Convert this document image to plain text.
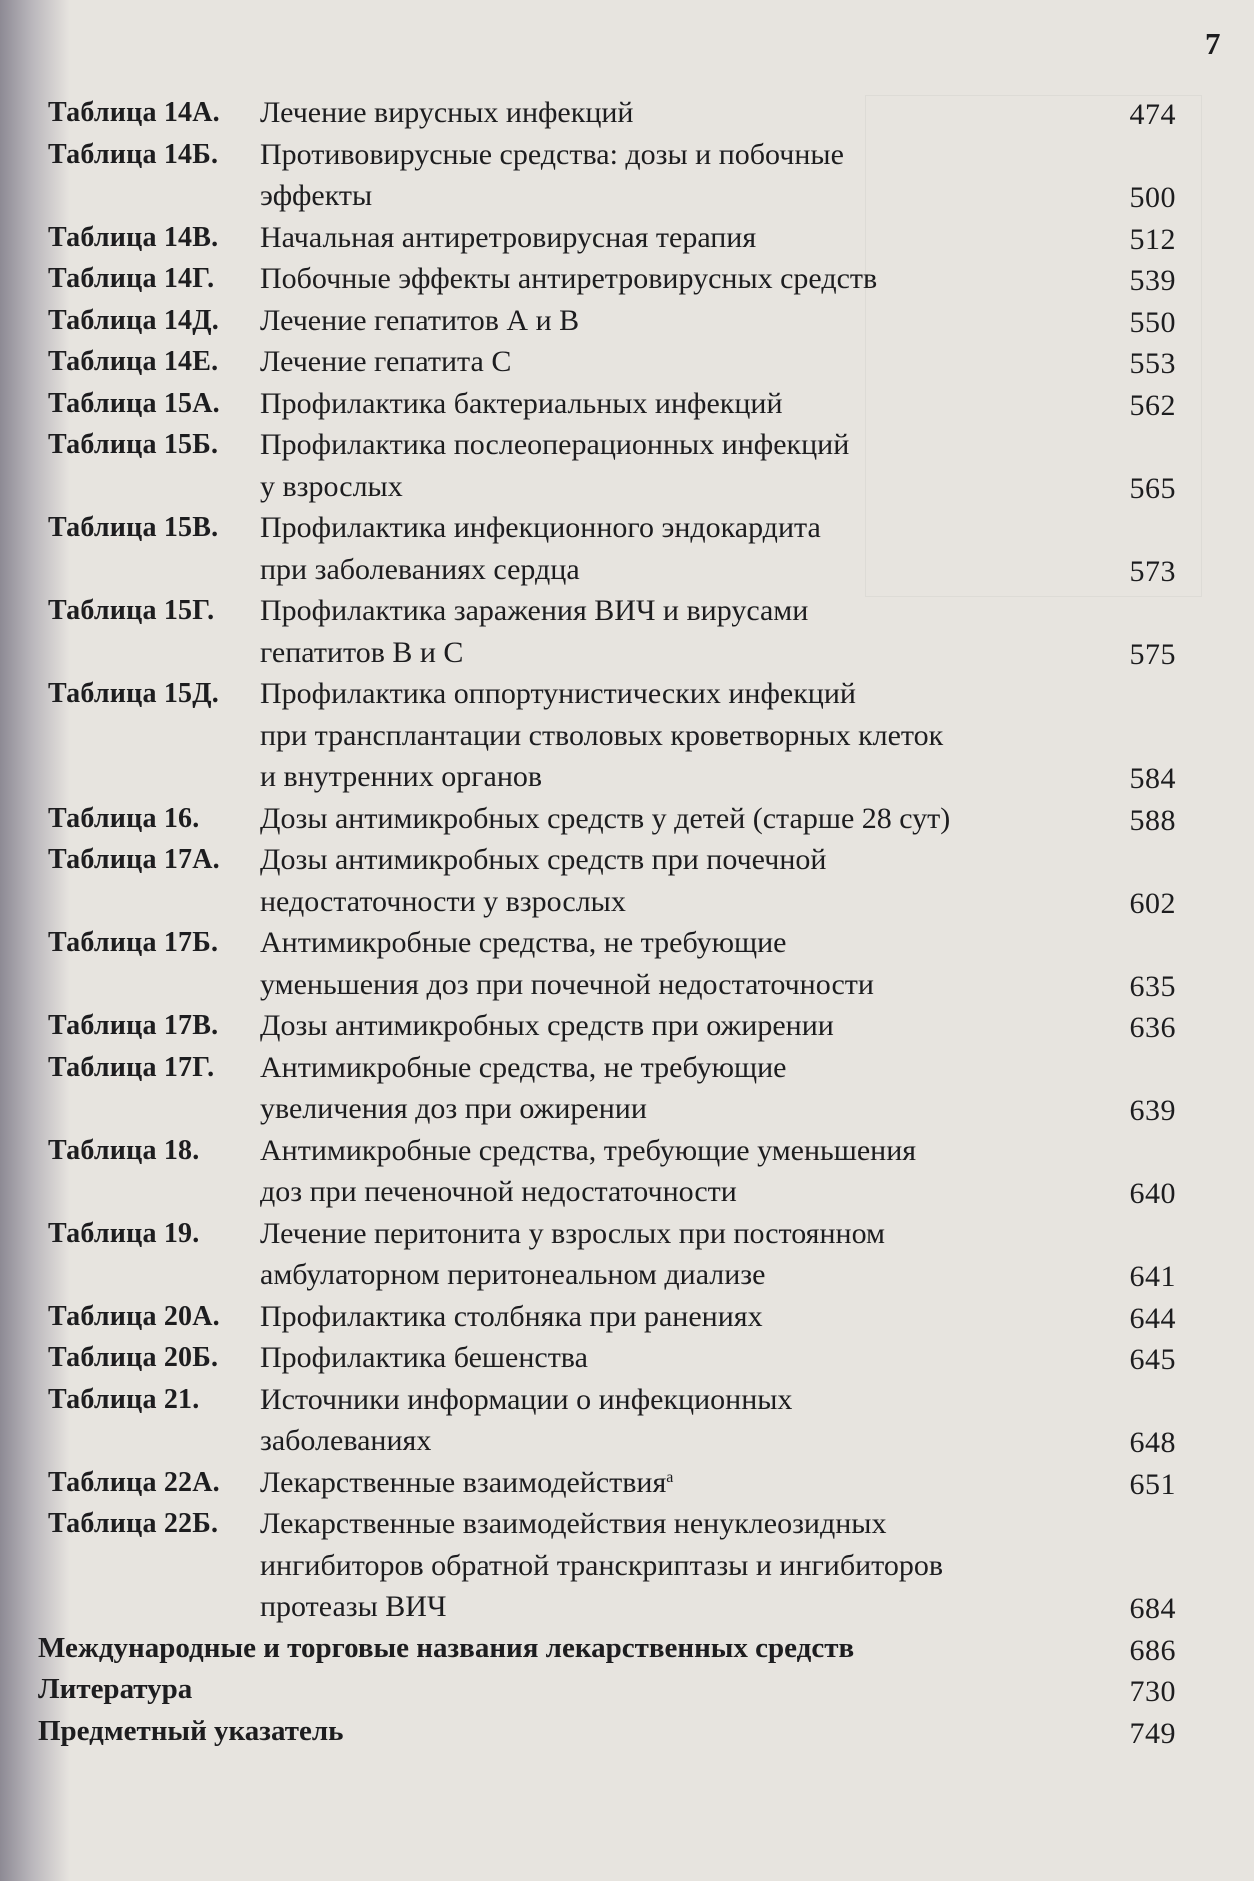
7
Таблица 14А. Лечение вирусных инфекций	474
Таблица 14Б. Противовирусные средства: дозы и побочные
эффекты	500
Таблица 14В. Начальная антиретровирусная терапия	512
Таблица 14Г. Побочные эффекты антиретровирусных средств	539
Таблица 14Д. Лечение гепатитов А и В	550
Таблица 14Е. Лечение гепатита С	553
Таблица 15А. Профилактика бактериальных инфекций	562
Таблица 15Б. Профилактика послеоперационных инфекций
у взрослых	565
Таблица 15В. Профилактика инфекционного эндокардита
при заболеваниях сердца	573
Таблица 15Г. Профилактика заражения ВИЧ и вирусами
гепатитов В и С	575
Таблица 15Д. Профилактика оппортунистических инфекций
при трансплантации стволовых кроветворных клеток
и внутренних органов	584
Таблица 16. Дозы антимикробных средств у детей (старше 28 сут)	588
Таблица 17А. Дозы антимикробных средств при почечной
недостаточности у взрослых	602
Таблица 17Б. Антимикробные средства, не требующие
уменьшения доз при почечной недостаточности	635
Таблица 17В. Дозы антимикробных средств при ожирении	636
Таблица 17Г. Антимикробные средства, не требующие
увеличения доз при ожирении	639
Таблица 18. Антимикробные средства, требующие уменьшения
доз при печеночной недостаточности	640
Таблица 19. Лечение перитонита у взрослых при постоянном
амбулаторном перитонеальном диализе	641
Таблица 20А. Профилактика столбняка при ранениях	644
Таблица 20Б. Профилактика бешенства	645
Таблица 21. Источники информации о инфекционных
заболеваниях	648
Таблица 22А. Лекарственные взаимодействия$^а$	651
Таблица 22Б. Лекарственные взаимодействия ненуклеозидных
ингибиторов обратной транскриптазы и ингибиторов
протеазы ВИЧ	684
Международные и торговые названия лекарственных средств	686
Литература	730
Предметный указатель	749
